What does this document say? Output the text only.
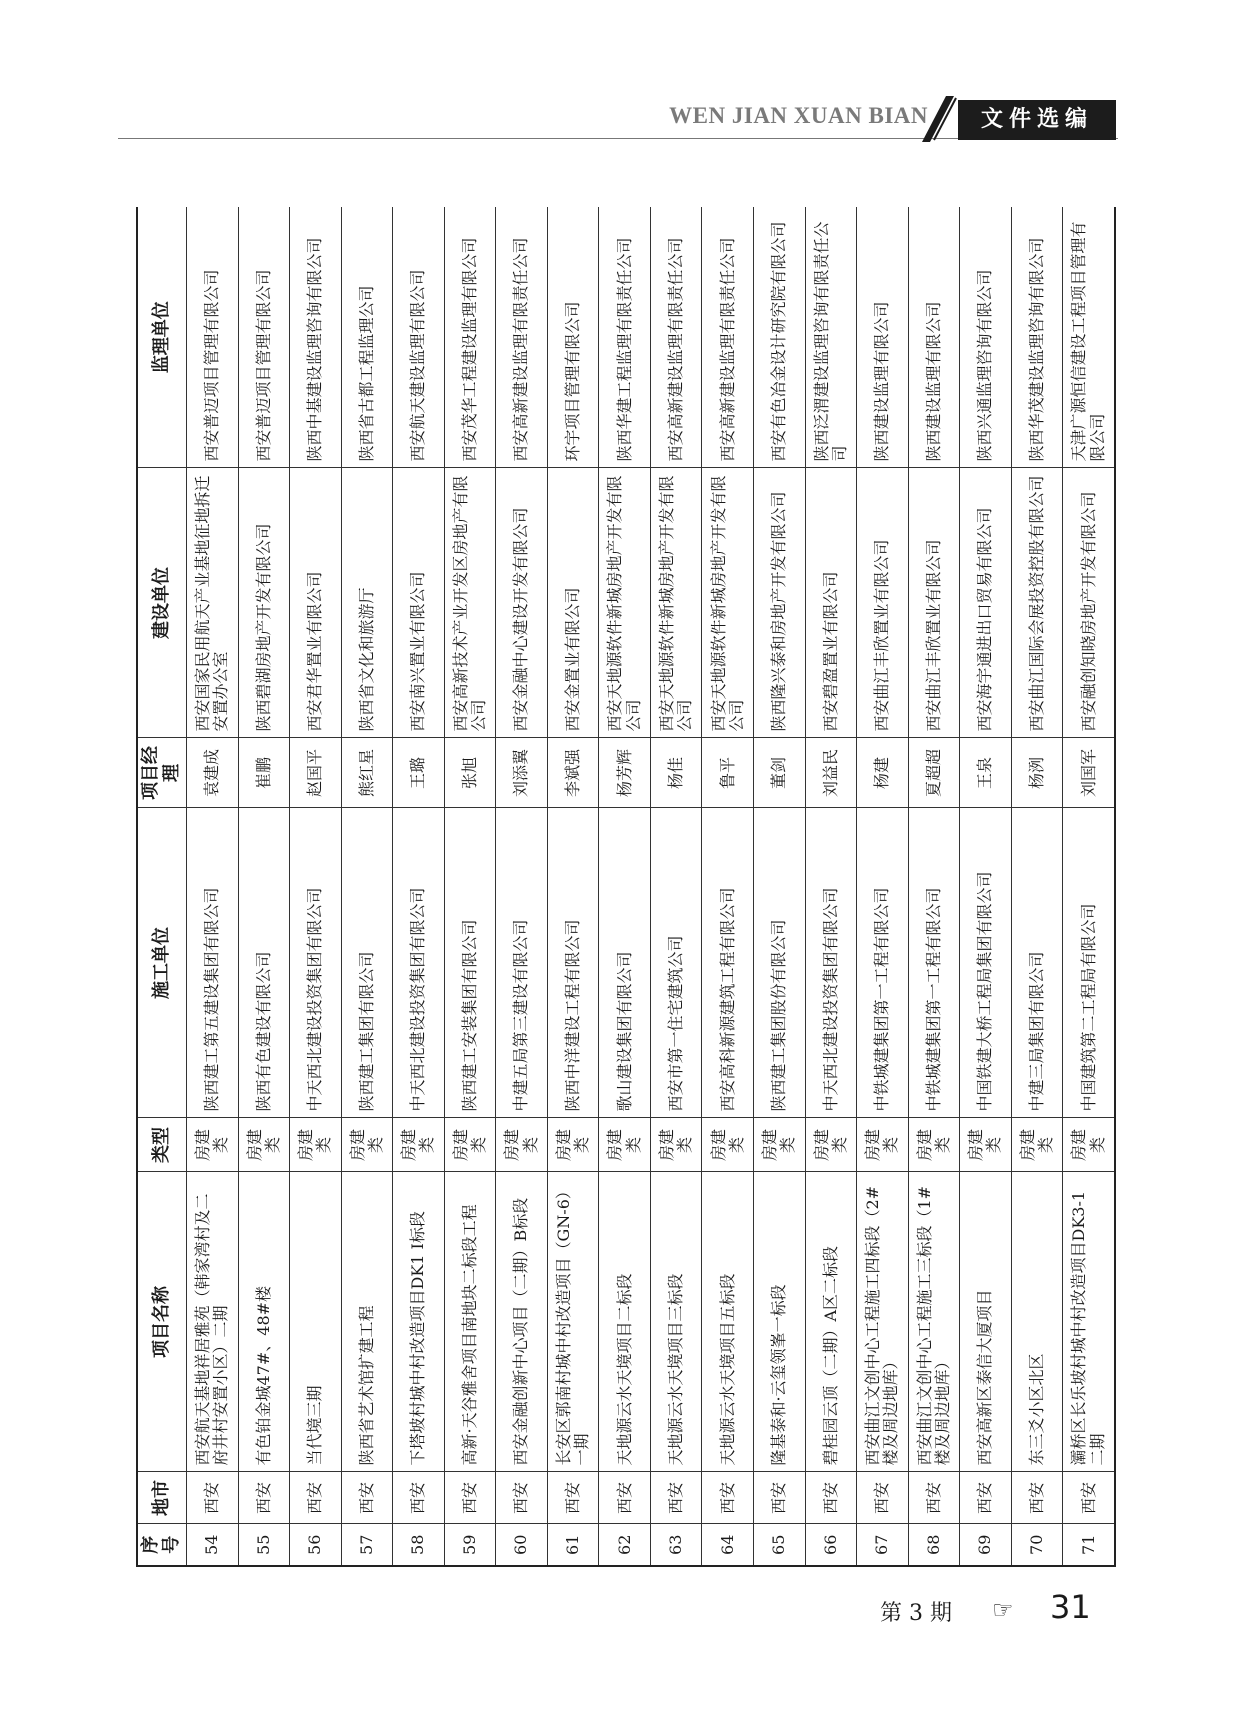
WEN JIAN XUAN BIAN	文件选编
序号	地市	项目名称	类型	施工单位	项目经理	建设单位	监理单位
54	西安	西安航天基地祥居雅苑（韩家湾村及二府井村安置小区）二期	房建类	陕西建工第五建设集团有限公司	袁建成	西安国家民用航天产业基地征地拆迁安置办公室	西安普迈项目管理有限公司
55	西安	有色铂金城47#、48#楼	房建类	陕西有色建设有限公司	崔鹏	陕西碧湖房地产开发有限公司	西安普迈项目管理有限公司
56	西安	当代境三期	房建类	中天西北建设投资集团有限公司	赵国平	西安君华置业有限公司	陕西中基建设监理咨询有限公司
57	西安	陕西省艺术馆扩建工程	房建类	陕西建工集团有限公司	熊红星	陕西省文化和旅游厅	陕西省古都工程监理公司
58	西安	下塔坡村城中村改造项目DK1 I标段	房建类	中天西北建设投资集团有限公司	王璐	西安南兴置业有限公司	西安航天建设监理有限公司
59	西安	高新·天谷雅舍项目南地块二标段工程	房建类	陕西建工安装集团有限公司	张旭	西安高新技术产业开发区房地产有限公司	西安茂华工程建设监理有限公司
60	西安	西安金融创新中心项目（二期）B标段	房建类	中建五局第三建设有限公司	刘添翼	西安金融中心建设开发有限公司	西安高新建设监理有限责任公司
61	西安	长安区郭南村城中村改造项目（GN-6）一期	房建类	陕西中洋建设工程有限公司	李斌强	西安金置业有限公司	环宇项目管理有限公司
62	西安	天地源云水天境项目二标段	房建类	歌山建设集团有限公司	杨芳辉	西安天地源软件新城房地产开发有限公司	陕西华建工程监理有限责任公司
63	西安	天地源云水天境项目三标段	房建类	西安市第一住宅建筑公司	杨佳	西安天地源软件新城房地产开发有限公司	西安高新建设监理有限责任公司
64	西安	天地源云水天境项目五标段	房建类	西安高科新源建筑工程有限公司	鲁平	西安天地源软件新城房地产开发有限公司	西安高新建设监理有限责任公司
65	西安	隆基泰和·云玺领峯一标段	房建类	陕西建工集团股份有限公司	董剑	陕西隆兴泰和房地产开发有限公司	西安有色冶金设计研究院有限公司
66	西安	碧桂园云顶（二期）A区二标段	房建类	中天西北建设投资集团有限公司	刘益民	西安碧盈置业有限公司	陕西泛渭建设监理咨询有限责任公司
67	西安	西安曲江文创中心工程施工四标段（2#楼及周边地库）	房建类	中铁城建集团第一工程有限公司	杨建	西安曲江丰欣置业有限公司	陕西建设监理有限公司
68	西安	西安曲江文创中心工程施工三标段（1#楼及周边地库）	房建类	中铁城建集团第一工程有限公司	夏超超	西安曲江丰欣置业有限公司	陕西建设监理有限公司
69	西安	西安高新区泰信大厦项目	房建类	中国铁建大桥工程局集团有限公司	王泉	西安海宇通进出口贸易有限公司	陕西兴通监理咨询有限公司
70	西安	东三爻小区北区	房建类	中建三局集团有限公司	杨洌	西安曲江国际会展投资控股有限公司	陕西华茂建设监理咨询有限公司
71	西安	灞桥区长乐坡村城中村改造项目DK3-1二期	房建类	中国建筑第二工程局有限公司	刘国军	西安融创知晓房地产开发有限公司	天津广源恒信建设工程项目管理有限公司
第 3 期 ☞ 31
